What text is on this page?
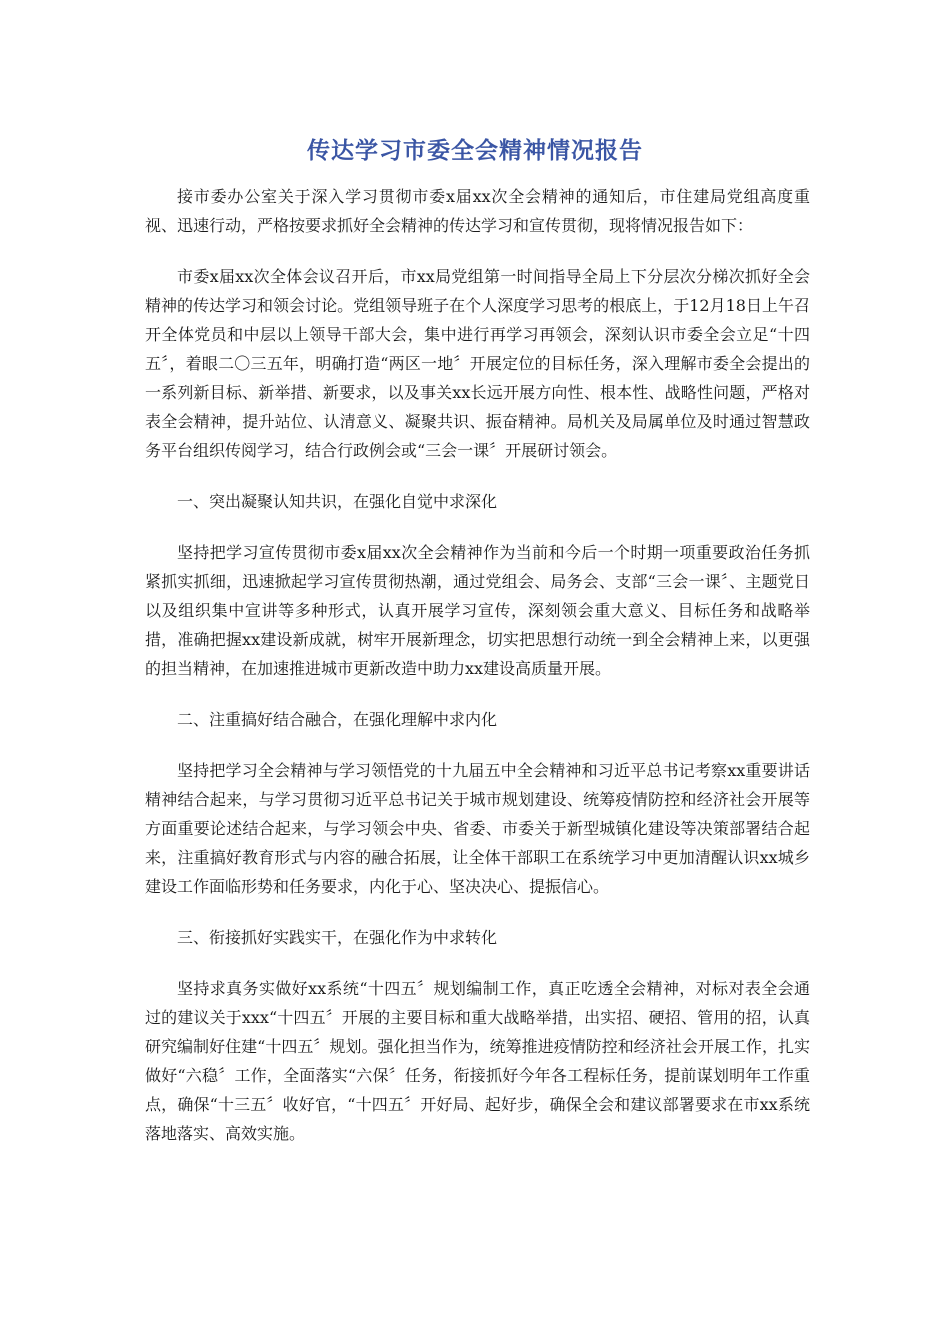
传达学习市委全会精神情况报告

接市委办公室关于深入学习贯彻市委x届xx次全会精神的通知后，市住建局党组高度重视、迅速行动，严格按要求抓好全会精神的传达学习和宣传贯彻，现将情况报告如下：

市委x届xx次全体会议召开后，市xx局党组第一时间指导全局上下分层次分梯次抓好全会精神的传达学习和领会讨论。党组领导班子在个人深度学习思考的根底上，于12月18日上午召开全体党员和中层以上领导干部大会，集中进行再学习再领会，深刻认识市委全会立足“十四五〞，着眼二〇三五年，明确打造“两区一地〞开展定位的目标任务，深入理解市委全会提出的一系列新目标、新举措、新要求，以及事关xx长远开展方向性、根本性、战略性问题，严格对表全会精神，提升站位、认清意义、凝聚共识、振奋精神。局机关及局属单位及时通过智慧政务平台组织传阅学习，结合行政例会或“三会一课〞开展研讨领会。

一、突出凝聚认知共识，在强化自觉中求深化

坚持把学习宣传贯彻市委x届xx次全会精神作为当前和今后一个时期一项重要政治任务抓紧抓实抓细，迅速掀起学习宣传贯彻热潮，通过党组会、局务会、支部“三会一课〞、主题党日以及组织集中宣讲等多种形式，认真开展学习宣传，深刻领会重大意义、目标任务和战略举措，准确把握xx建设新成就，树牢开展新理念，切实把思想行动统一到全会精神上来，以更强的担当精神，在加速推进城市更新改造中助力xx建设高质量开展。

二、注重搞好结合融合，在强化理解中求内化

坚持把学习全会精神与学习领悟党的十九届五中全会精神和习近平总书记考察xx重要讲话精神结合起来，与学习贯彻习近平总书记关于城市规划建设、统筹疫情防控和经济社会开展等方面重要论述结合起来，与学习领会中央、省委、市委关于新型城镇化建设等决策部署结合起来，注重搞好教育形式与内容的融合拓展，让全体干部职工在系统学习中更加清醒认识xx城乡建设工作面临形势和任务要求，内化于心、坚决决心、提振信心。

三、衔接抓好实践实干，在强化作为中求转化

坚持求真务实做好xx系统“十四五〞规划编制工作，真正吃透全会精神，对标对表全会通过的建议关于xxx“十四五〞开展的主要目标和重大战略举措，出实招、硬招、管用的招，认真研究编制好住建“十四五〞规划。强化担当作为，统筹推进疫情防控和经济社会开展工作，扎实做好“六稳〞工作，全面落实“六保〞任务，衔接抓好今年各工程标任务，提前谋划明年工作重点，确保“十三五〞收好官，“十四五〞开好局、起好步，确保全会和建议部署要求在市xx系统落地落实、高效实施。
